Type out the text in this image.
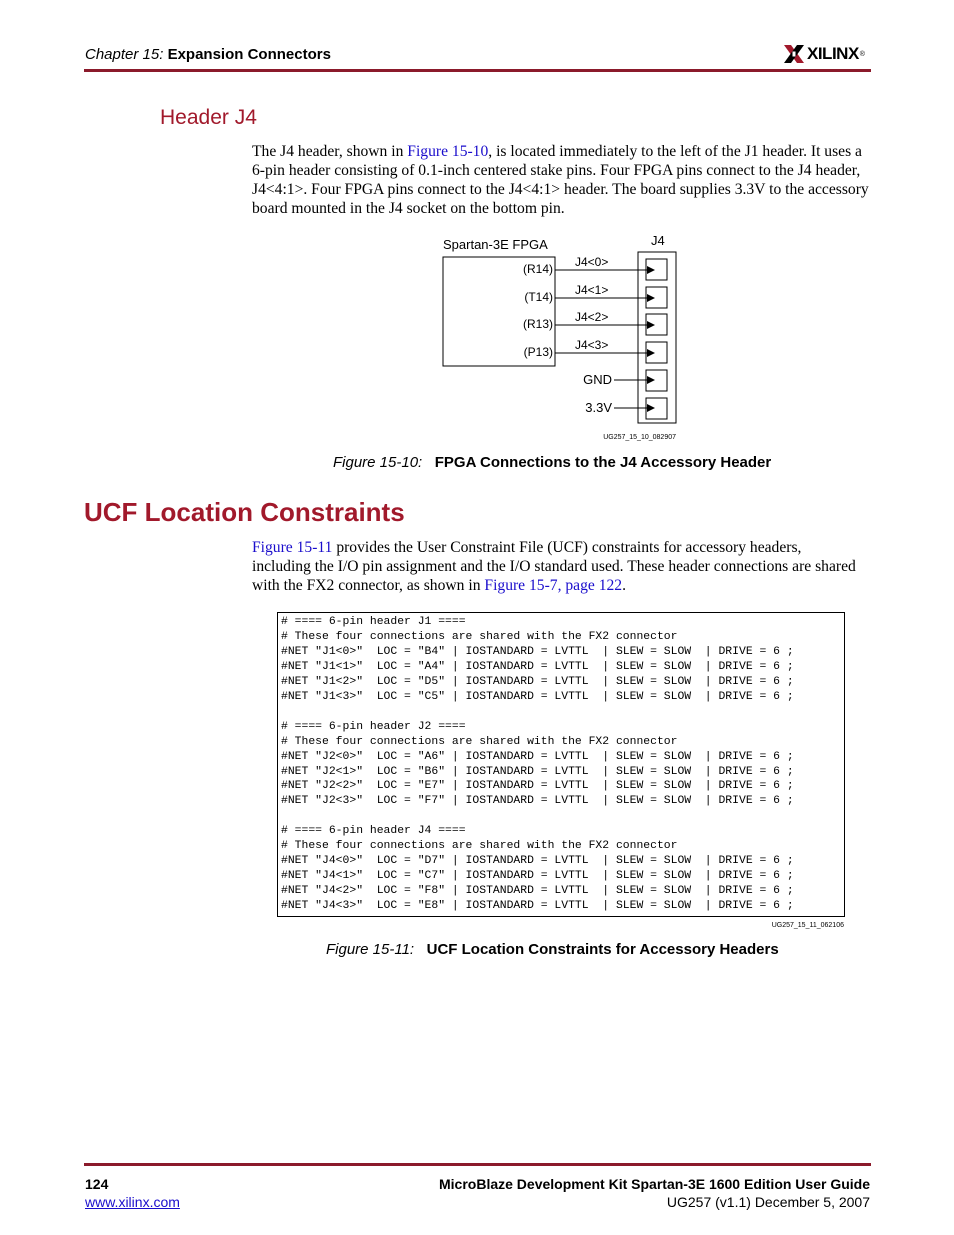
Chapter 15: Expansion Connectors	XILINX ®
Header J4
The J4 header, shown in Figure 15-10, is located immediately to the left of the J1 header. It uses a 6-pin header consisting of 0.1-inch centered stake pins. Four FPGA pins connect to the J4 header, J4<4:1>. Four FPGA pins connect to the J4<4:1> header. The board supplies 3.3V to the accessory board mounted in the J4 socket on the bottom pin.
Spartan-3E FPGA	J4
(R14)
(T14)
(R13)
(P13)
J4<0>
J4<1>
J4<2>
J4<3>
GND
3.3V
UG257_15_10_082907
Figure 15-10: FPGA Connections to the J4 Accessory Header
UCF Location Constraints
Figure 15-11 provides the User Constraint File (UCF) constraints for accessory headers, including the I/O pin assignment and the I/O standard used. These header connections are shared with the FX2 connector, as shown in Figure 15-7, page 122.
# ==== 6-pin header J1 ====
# These four connections are shared with the FX2 connector
#NET "J1<0>"  LOC = "B4" | IOSTANDARD = LVTTL  | SLEW = SLOW  | DRIVE = 6 ;
#NET "J1<1>"  LOC = "A4" | IOSTANDARD = LVTTL  | SLEW = SLOW  | DRIVE = 6 ;
#NET "J1<2>"  LOC = "D5" | IOSTANDARD = LVTTL  | SLEW = SLOW  | DRIVE = 6 ;
#NET "J1<3>"  LOC = "C5" | IOSTANDARD = LVTTL  | SLEW = SLOW  | DRIVE = 6 ;

# ==== 6-pin header J2 ====
# These four connections are shared with the FX2 connector
#NET "J2<0>"  LOC = "A6" | IOSTANDARD = LVTTL  | SLEW = SLOW  | DRIVE = 6 ;
#NET "J2<1>"  LOC = "B6" | IOSTANDARD = LVTTL  | SLEW = SLOW  | DRIVE = 6 ;
#NET "J2<2>"  LOC = "E7" | IOSTANDARD = LVTTL  | SLEW = SLOW  | DRIVE = 6 ;
#NET "J2<3>"  LOC = "F7" | IOSTANDARD = LVTTL  | SLEW = SLOW  | DRIVE = 6 ;

# ==== 6-pin header J4 ====
# These four connections are shared with the FX2 connector
#NET "J4<0>"  LOC = "D7" | IOSTANDARD = LVTTL  | SLEW = SLOW  | DRIVE = 6 ;
#NET "J4<1>"  LOC = "C7" | IOSTANDARD = LVTTL  | SLEW = SLOW  | DRIVE = 6 ;
#NET "J4<2>"  LOC = "F8" | IOSTANDARD = LVTTL  | SLEW = SLOW  | DRIVE = 6 ;
#NET "J4<3>"  LOC = "E8" | IOSTANDARD = LVTTL  | SLEW = SLOW  | DRIVE = 6 ;
UG257_15_11_062106
Figure 15-11: UCF Location Constraints for Accessory Headers
124
www.xilinx.com
MicroBlaze Development Kit Spartan-3E 1600 Edition User Guide
UG257 (v1.1) December 5, 2007
